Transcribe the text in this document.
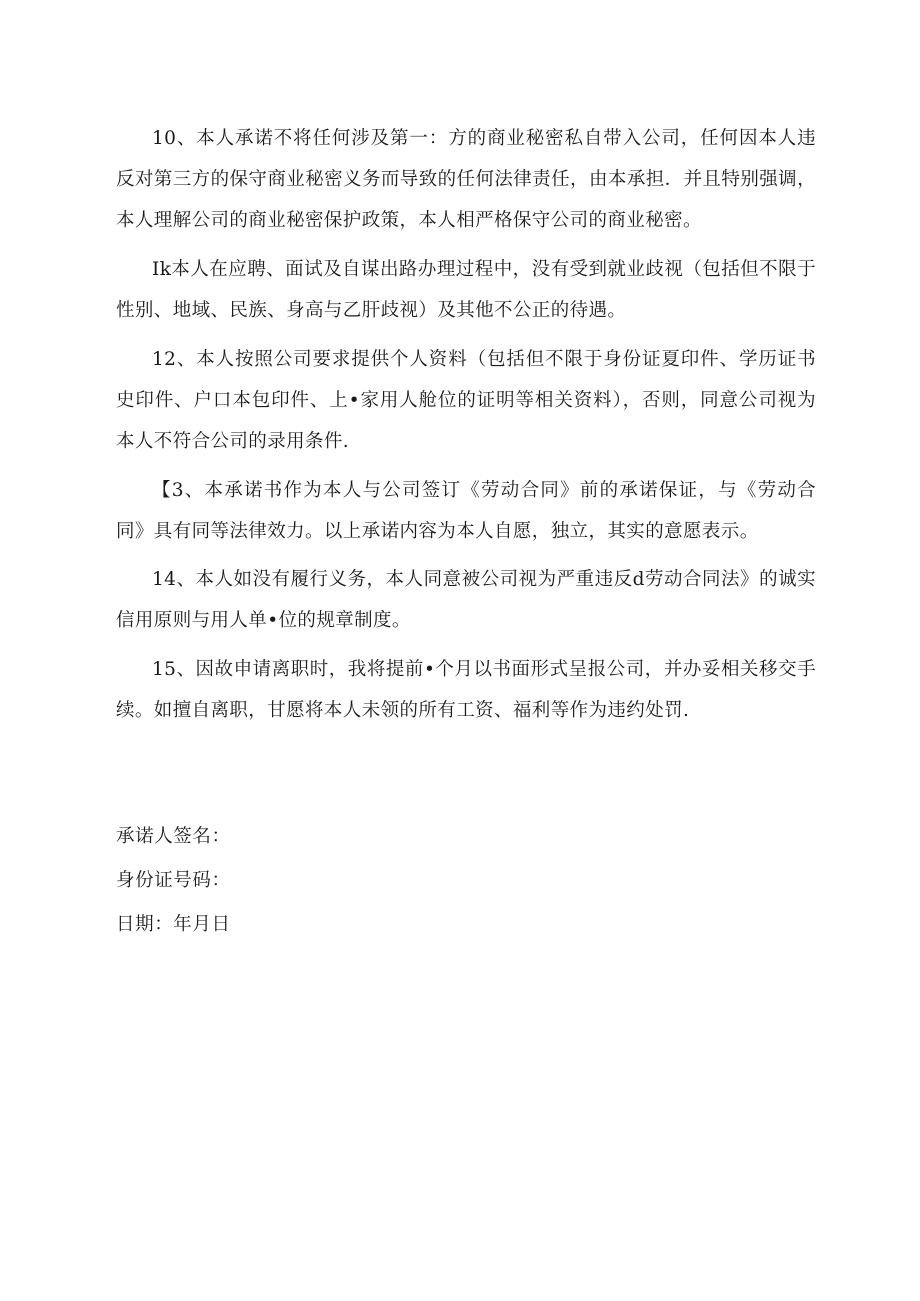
10、本人承诺不将任何涉及第一：方的商业秘密私自带入公司，任何因本人违反对第三方的保守商业秘密义务而导致的任何法律责任，由本承担．并且特别强调，本人理解公司的商业秘密保护政策，本人相严格保守公司的商业秘密。

Ik本人在应聘、面试及自谋出路办理过程中，没有受到就业歧视（包括但不限于性别、地域、民族、身高与乙肝歧视）及其他不公正的待遇。

12、本人按照公司要求提供个人资料（包括但不限于身份证夏印件、学历证书史印件、户口本包印件、上•家用人舱位的证明等相关资料），否则，同意公司视为本人不符合公司的录用条件.

【3、本承诺书作为本人与公司签订《劳动合同》前的承诺保证，与《劳动合同》具有同等法律效力。以上承诺内容为本人自愿，独立，其实的意愿表示。

14、本人如没有履行义务，本人同意被公司视为严重违反d劳动合同法》的诚实信用原则与用人单•位的规章制度。

15、因故申请离职时，我将提前•个月以书面形式呈报公司，并办妥相关移交手续。如擅自离职，甘愿将本人未领的所有工资、福利等作为违约处罚.

承诺人签名：

身份证号码：

日期：年月日
